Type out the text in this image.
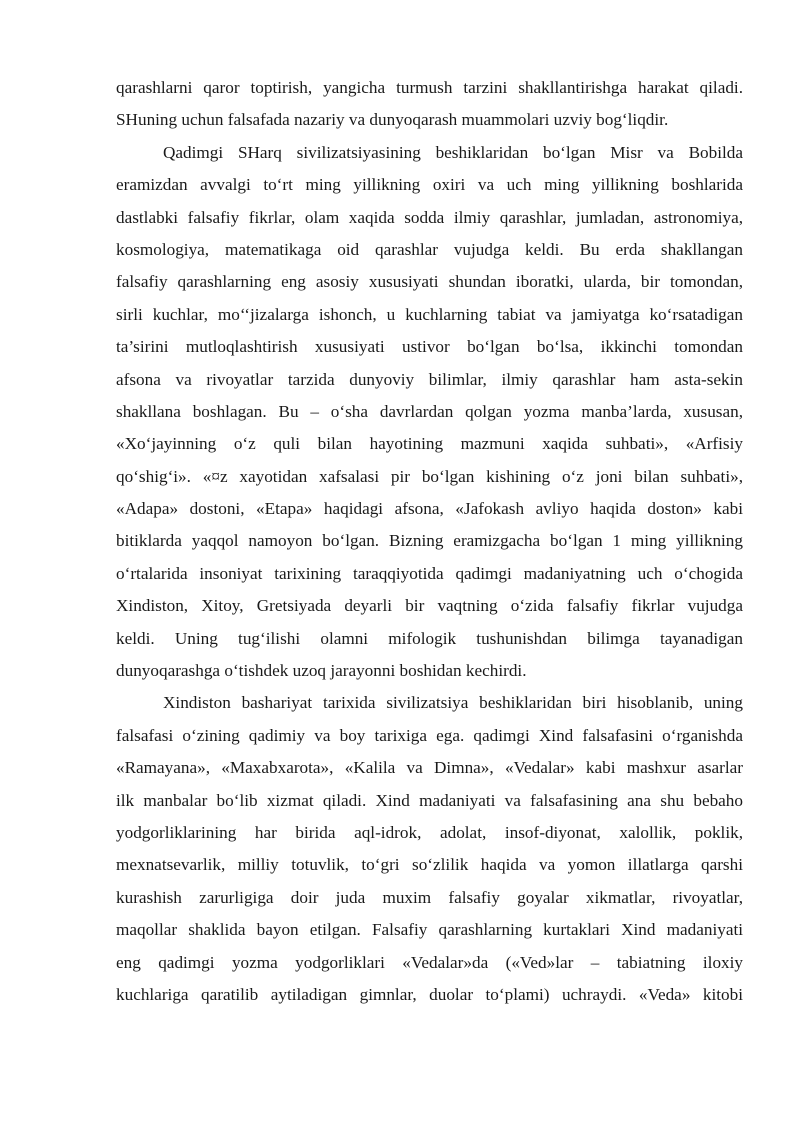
qarashlarni qaror toptirish, yangicha turmush tarzini shakllantirishga harakat qiladi.
SHuning uchun falsafada nazariy va dunyoqarash muammolari uzviy bog‘liqdir.
Qadimgi SHarq sivilizatsiyasining beshiklaridan bo‘lgan Misr va Bobilda
eramizdan avvalgi to‘rt ming yillikning oxiri va uch ming yillikning boshlarida
dastlabki falsafiy fikrlar, olam xaqida sodda ilmiy qarashlar, jumladan, astronomiya,
kosmologiya, matematikaga oid qarashlar vujudga keldi. Bu erda shakllangan
falsafiy qarashlarning eng asosiy xususiyati shundan iboratki, ularda, bir tomondan,
sirli kuchlar, mo‘‘jizalarga ishonch, u kuchlarning tabiat va jamiyatga ko‘rsatadigan
ta’sirini mutloqlashtirish xususiyati ustivor bo‘lgan bo‘lsa, ikkinchi tomondan
afsona va rivoyatlar tarzida dunyoviy bilimlar, ilmiy qarashlar ham asta-sekin
shakllana boshlagan. Bu – o‘sha davrlardan qolgan yozma manba’larda, xususan,
«Xo‘jayinning o‘z quli bilan hayotining mazmuni xaqida suhbati», «Arfisiy
qo‘shig‘i». «¤z xayotidan xafsalasi pir bo‘lgan kishining o‘z joni bilan suhbati»,
«Adapa» dostoni, «Etapa» haqidagi afsona, «Jafokash avliyo haqida doston» kabi
bitiklarda yaqqol namoyon bo‘lgan. Bizning eramizgacha bo‘lgan 1 ming yillikning
o‘rtalarida insoniyat tarixining taraqqiyotida qadimgi madaniyatning uch o‘chogida
Xindiston, Xitoy, Gretsiyada deyarli bir vaqtning o‘zida falsafiy fikrlar vujudga
keldi. Uning tug‘ilishi olamni mifologik tushunishdan bilimga tayanadigan
dunyoqarashga o‘tishdek uzoq jarayonni boshidan kechirdi.
Xindiston bashariyat tarixida sivilizatsiya beshiklaridan biri hisoblanib, uning
falsafasi o‘zining qadimiy va boy tarixiga ega. qadimgi Xind falsafasini o‘rganishda
«Ramayana», «Maxabxarota», «Kalila va Dimna», «Vedalar» kabi mashxur asarlar
ilk manbalar bo‘lib xizmat qiladi. Xind madaniyati va falsafasining ana shu bebaho
yodgorliklarining har birida aql-idrok, adolat, insof-diyonat, xalollik, poklik,
mexnatsevarlik, milliy totuvlik, to‘gri so‘zlilik haqida va yomon illatlarga qarshi
kurashish zarurligiga doir juda muxim falsafiy goyalar xikmatlar, rivoyatlar,
maqollar shaklida bayon etilgan. Falsafiy qarashlarning kurtaklari Xind madaniyati
eng qadimgi yozma yodgorliklari «Vedalar»da («Ved»lar – tabiatning iloxiy
kuchlariga qaratilib aytiladigan gimnlar, duolar to‘plami) uchraydi. «Veda» kitobi
